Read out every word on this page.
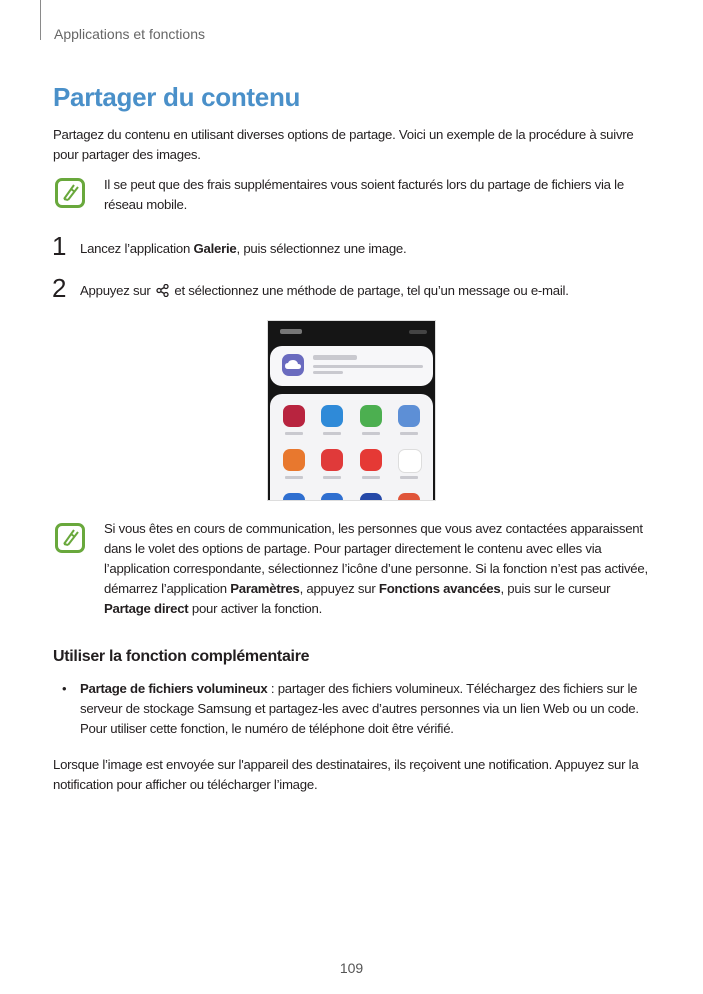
Applications et fonctions
Partager du contenu
Partagez du contenu en utilisant diverses options de partage. Voici un exemple de la procédure à suivre pour partager des images.
Il se peut que des frais supplémentaires vous soient facturés lors du partage de fichiers via le réseau mobile.
1 Lancez l’application Galerie, puis sélectionnez une image.
2 Appuyez sur  et sélectionnez une méthode de partage, tel qu’un message ou e-mail.
Si vous êtes en cours de communication, les personnes que vous avez contactées apparaissent dans le volet des options de partage. Pour partager directement le contenu avec elles via l’application correspondante, sélectionnez l’icône d’une personne. Si la fonction n’est pas activée, démarrez l’application Paramètres, appuyez sur Fonctions avancées, puis sur le curseur Partage direct pour activer la fonction.
Utiliser la fonction complémentaire
• Partage de fichiers volumineux : partager des fichiers volumineux. Téléchargez des fichiers sur le serveur de stockage Samsung et partagez-les avec d’autres personnes via un lien Web ou un code. Pour utiliser cette fonction, le numéro de téléphone doit être vérifié.
Lorsque l’image est envoyée sur l'appareil des destinataires, ils reçoivent une notification. Appuyez sur la notification pour afficher ou télécharger l’image.
109
